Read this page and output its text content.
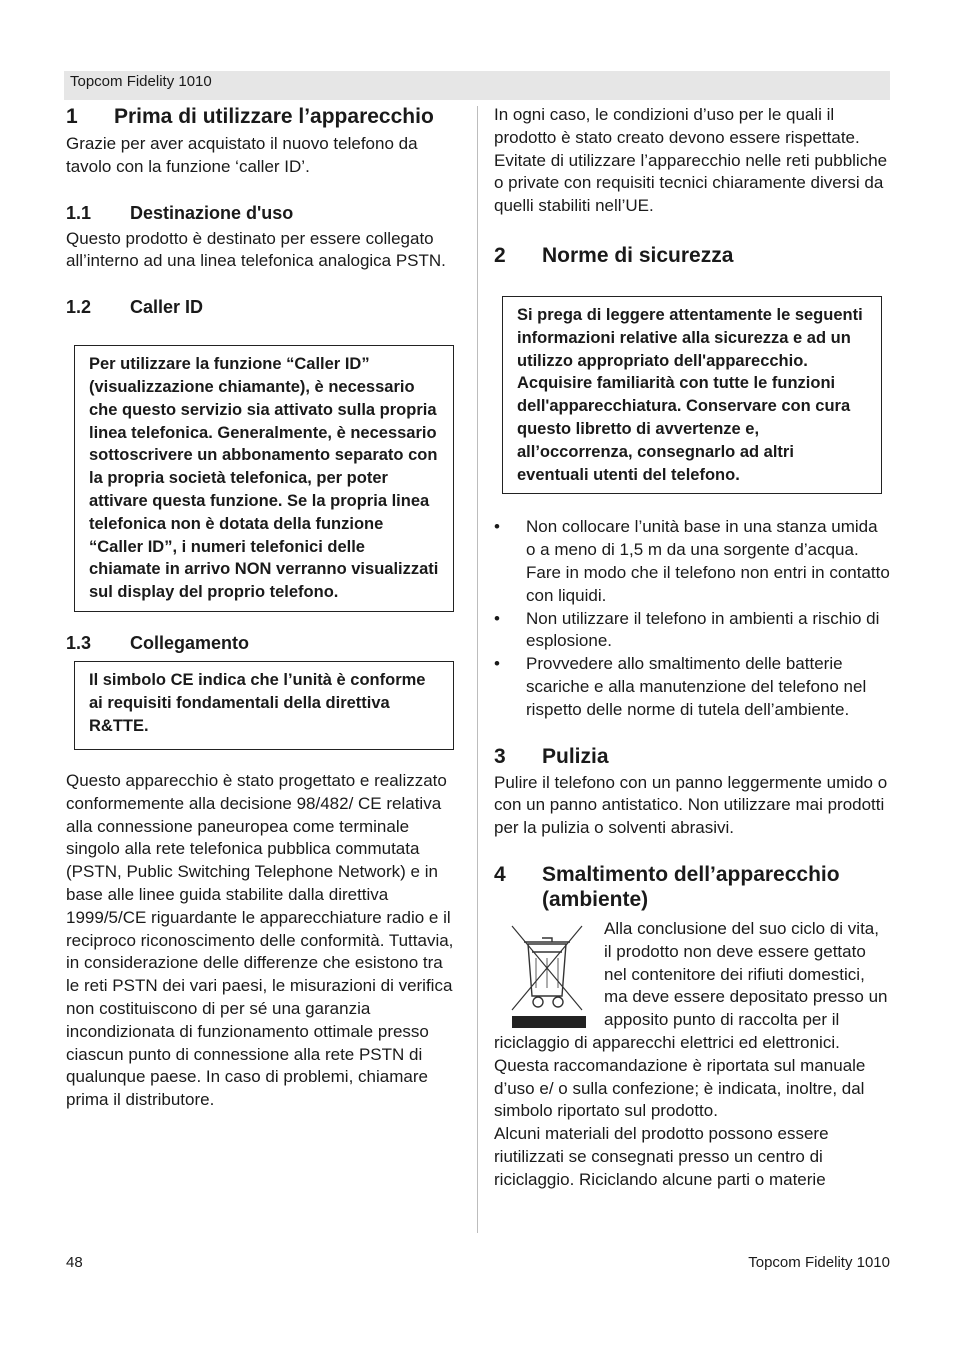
Topcom Fidelity 1010
1	Prima di utilizzare l’apparecchio

Grazie per aver acquistato il nuovo telefono da tavolo con la funzione ‘caller ID’.

1.1	Destinazione d'uso

Questo prodotto è destinato per essere collegato all’interno ad una linea telefonica analogica PSTN.

1.2	Caller ID

Per utilizzare la funzione “Caller ID” (visualizzazione chiamante), è necessario che questo servizio sia attivato sulla propria linea telefonica. Generalmente, è necessario sottoscrivere un abbonamento separato con la propria società telefonica, per poter attivare questa funzione. Se la propria linea telefonica non è dotata della funzione “Caller ID”, i numeri telefonici delle chiamate in arrivo NON verranno visualizzati sul display del proprio telefono.

1.3	Collegamento

Il simbolo CE indica che l’unità è conforme ai requisiti fondamentali della direttiva R&TTE.

Questo apparecchio è stato progettato e realizzato conformemente alla decisione 98/482/ CE relativa alla connessione paneuropea come terminale singolo alla rete telefonica pubblica commutata (PSTN, Public Switching Telephone Network) e in base alle linee guida stabilite dalla direttiva 1999/5/CE riguardante le apparecchiature radio e il reciproco riconoscimento delle conformità. Tuttavia, in considerazione delle differenze che esistono tra le reti PSTN dei vari paesi, le misurazioni di verifica non costituiscono di per sé una garanzia incondizionata di funzionamento ottimale presso ciascun punto di connessione alla rete PSTN di qualunque paese. In caso di problemi, chiamare prima il distributore.

In ogni caso, le condizioni d’uso per le quali il prodotto è stato creato devono essere rispettate. Evitate di utilizzare l’apparecchio nelle reti pubbliche o private con requisiti tecnici chiaramente diversi da quelli stabiliti nell’UE.

2	Norme di sicurezza

Si prega di leggere attentamente le seguenti informazioni relative alla sicurezza e ad un utilizzo appropriato dell'apparecchio. Acquisire familiarità con tutte le funzioni dell'apparecchiatura. Conservare con cura questo libretto di avvertenze e, all’occorrenza, consegnarlo ad altri eventuali utenti del telefono.

• Non collocare l’unità base in una stanza umida o a meno di 1,5 m da una sorgente d’acqua. Fare in modo che il telefono non entri in contatto con liquidi.
• Non utilizzare il telefono in ambienti a rischio di esplosione.
• Provvedere allo smaltimento delle batterie scariche e alla manutenzione del telefono nel rispetto delle norme di tutela dell’ambiente.
3	Pulizia

Pulire il telefono con un panno leggermente umido o con un panno antistatico. Non utilizzare mai prodotti per la pulizia o solventi abrasivi.

4	Smaltimento dell’apparecchio (ambiente)

Alla conclusione del suo ciclo di vita, il prodotto non deve essere gettato nel contenitore dei rifiuti domestici, ma deve essere depositato presso un apposito punto di raccolta per il riciclaggio di apparecchi elettrici ed elettronici. Questa raccomandazione è riportata sul manuale d’uso e/ o sulla confezione; è indicata, inoltre, dal simbolo riportato sul prodotto.

Alcuni materiali del prodotto possono essere riutilizzati se consegnati presso un centro di riciclaggio. Riciclando alcune parti o materie

48	Topcom Fidelity 1010
